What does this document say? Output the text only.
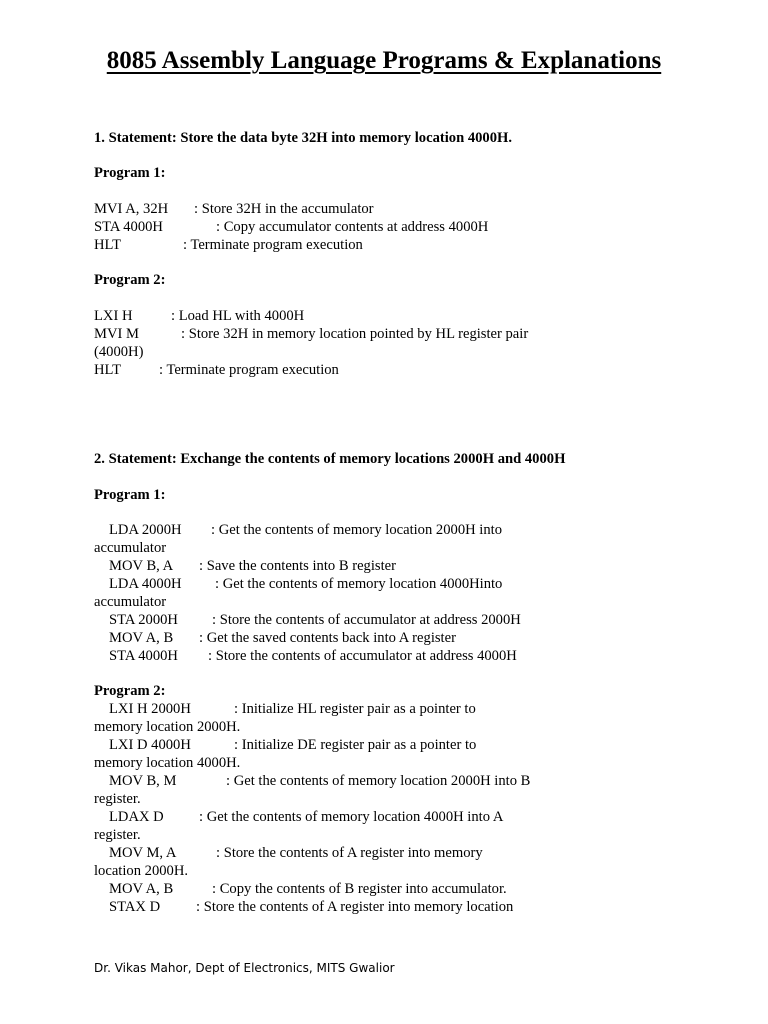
8085 Assembly Language Programs & Explanations
1. Statement: Store the data byte 32H into memory location 4000H.
Program 1:
MVI A, 32H : Store 32H in the accumulator
STA 4000H	: Copy accumulator contents at address 4000H
HLT	: Terminate program execution
Program 2:
LXI H	: Load HL with 4000H
MVI M	: Store 32H in memory location pointed by HL register pair
(4000H)
HLT	: Terminate program execution
2. Statement: Exchange the contents of memory locations 2000H and 4000H
Program 1:
LDA 2000H : Get the contents of memory location 2000H into
accumulator
MOV B, A : Save the contents into B register
LDA 4000H : Get the contents of memory location 4000Hinto
accumulator
STA 2000H : Store the contents of accumulator at address 2000H
MOV A, B : Get the saved contents back into A register
STA 4000H : Store the contents of accumulator at address 4000H
Program 2:
LXI H 2000H	: Initialize HL register pair as a pointer to
memory location 2000H.
LXI D 4000H	: Initialize DE register pair as a pointer to
memory location 4000H.
MOV B, M	: Get the contents of memory location 2000H into B
register.
LDAX D : Get the contents of memory location 4000H into A
register.
MOV M, A	: Store the contents of A register into memory
location 2000H.
MOV A, B	: Copy the contents of B register into accumulator.
STAX D : Store the contents of A register into memory location
Dr. Vikas Mahor, Dept of Electronics, MITS Gwalior
